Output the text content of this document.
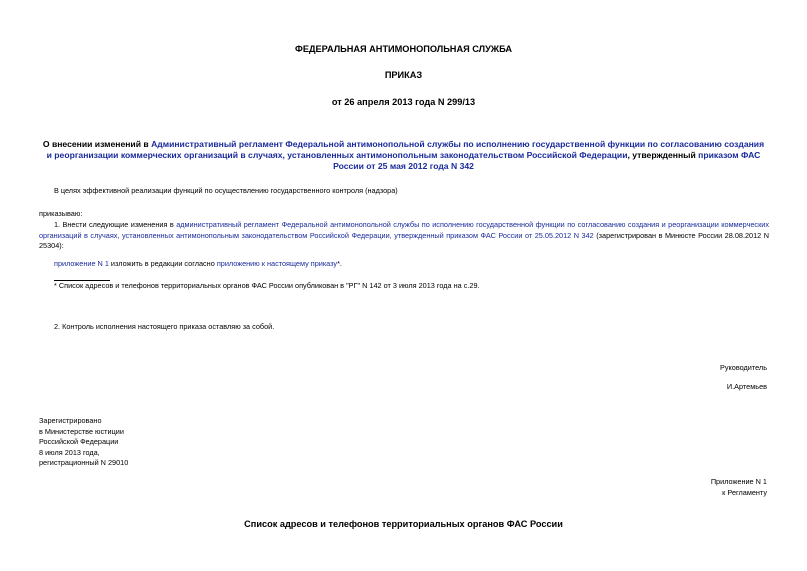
ФЕДЕРАЛЬНАЯ АНТИМОНОПОЛЬНАЯ СЛУЖБА
ПРИКАЗ
от 26 апреля 2013 года N 299/13
О внесении изменений в Административный регламент Федеральной антимонопольной службы по исполнению государственной функции по согласованию создания и реорганизации коммерческих организаций в случаях, установленных антимонопольным законодательством Российской Федерации, утвержденный приказом ФАС России от 25 мая 2012 года N 342
В целях эффективной реализации функций по осуществлению государственного контроля (надзора)
приказываю:
1. Внести следующие изменения в административный регламент Федеральной антимонопольной службы по исполнению государственной функции по согласованию создания и реорганизации коммерческих организаций в случаях, установленных антимонопольным законодательством Российской Федерации, утвержденный приказом ФАС России от 25.05.2012 N 342 (зарегистрирован в Минюсте России 28.08.2012 N 25304):
приложение N 1 изложить в редакции согласно приложению к настоящему приказу*.
* Список адресов и телефонов территориальных органов ФАС России опубликован в "РГ" N 142 от 3 июля 2013 года на с.29.
2. Контроль исполнения настоящего приказа оставляю за собой.
Руководитель
И.Артемьев
Зарегистрировано
в Министерстве юстиции
Российской Федерации
8 июля 2013 года,
регистрационный N 29010
Приложение N 1
к Регламенту
Список адресов и телефонов территориальных органов ФАС России
